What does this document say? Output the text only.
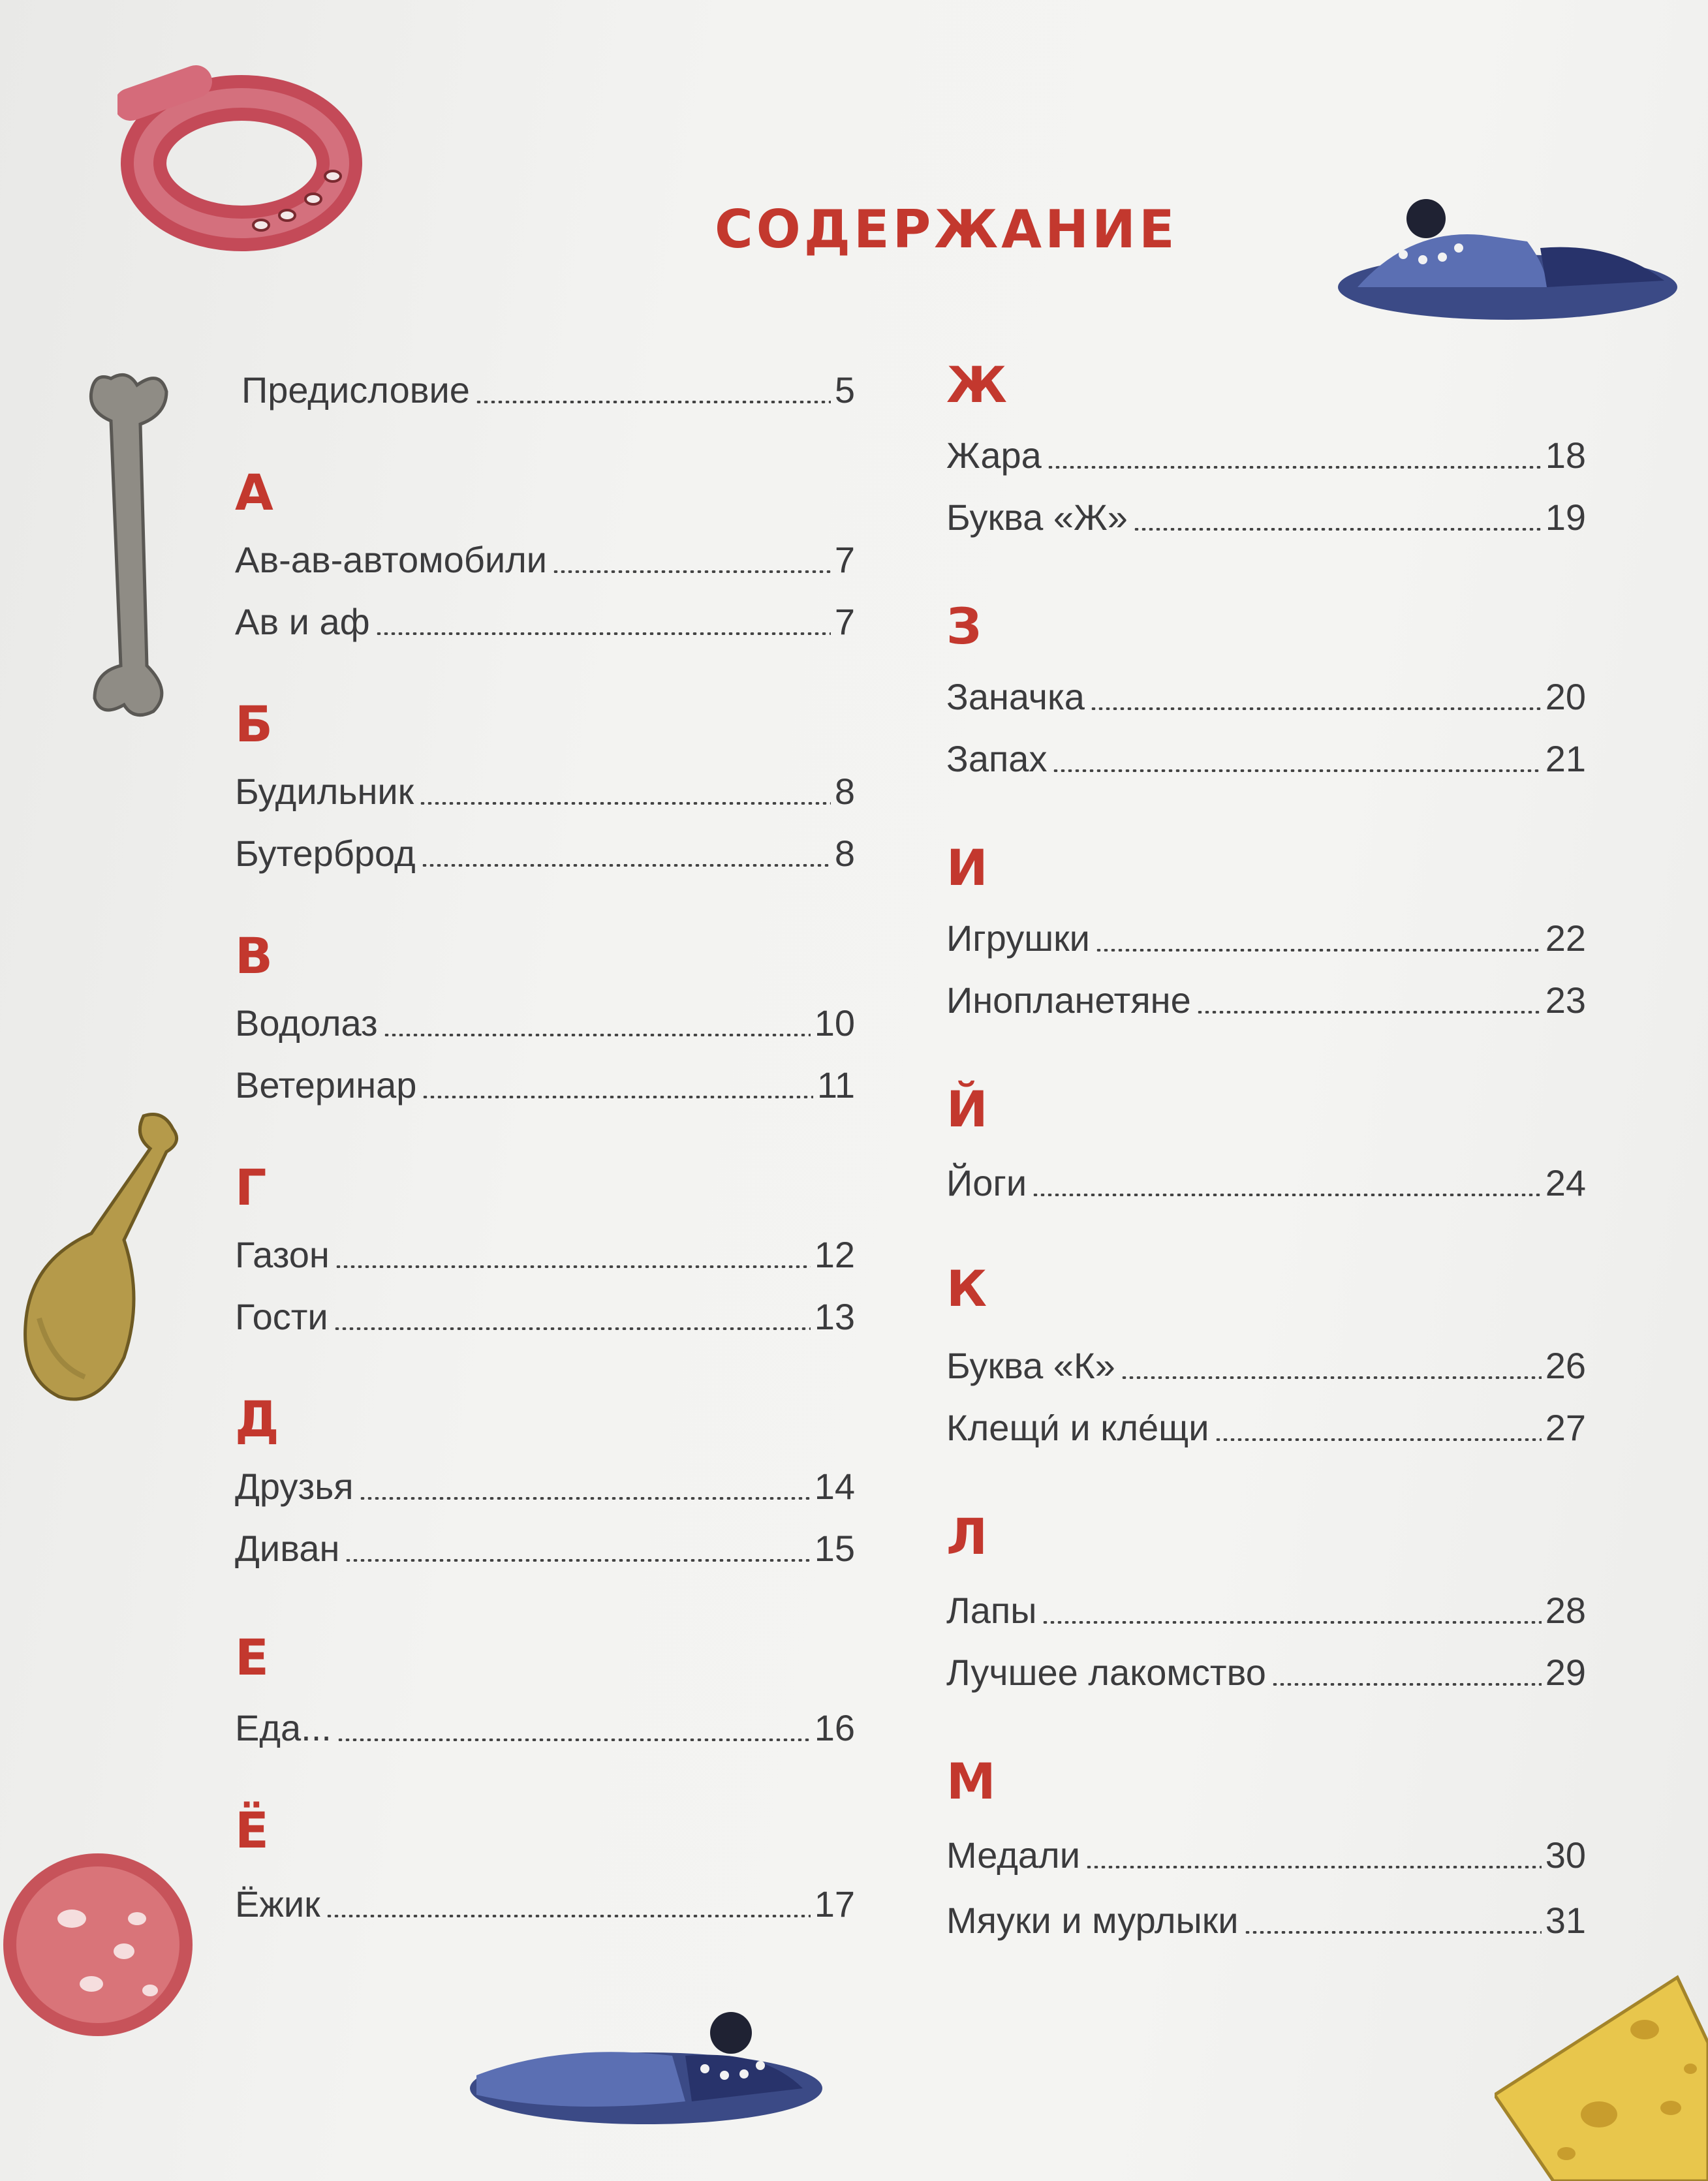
СОДЕРЖАНИЕ
Предисловие	5
А
Ав-ав-автомобили	7
Ав и аф	7
Б
Будильник	8
Бутерброд	8
В
Водолаз	10
Ветеринар	11
Г
Газон	12
Гости	13
Д
Друзья	14
Диван	15
Е
Еда...	16
Ё
Ёжик	17
Ж
Жара	18
Буква «Ж»	19
З
Заначка	20
Запах	21
И
Игрушки	22
Инопланетяне	23
Й
Йоги	24
К
Буква «К»	26
Клещи́ и кле́щи	27
Л
Лапы	28
Лучшее лакомство	29
М
Медали	30
Мяуки и мурлыки	31
